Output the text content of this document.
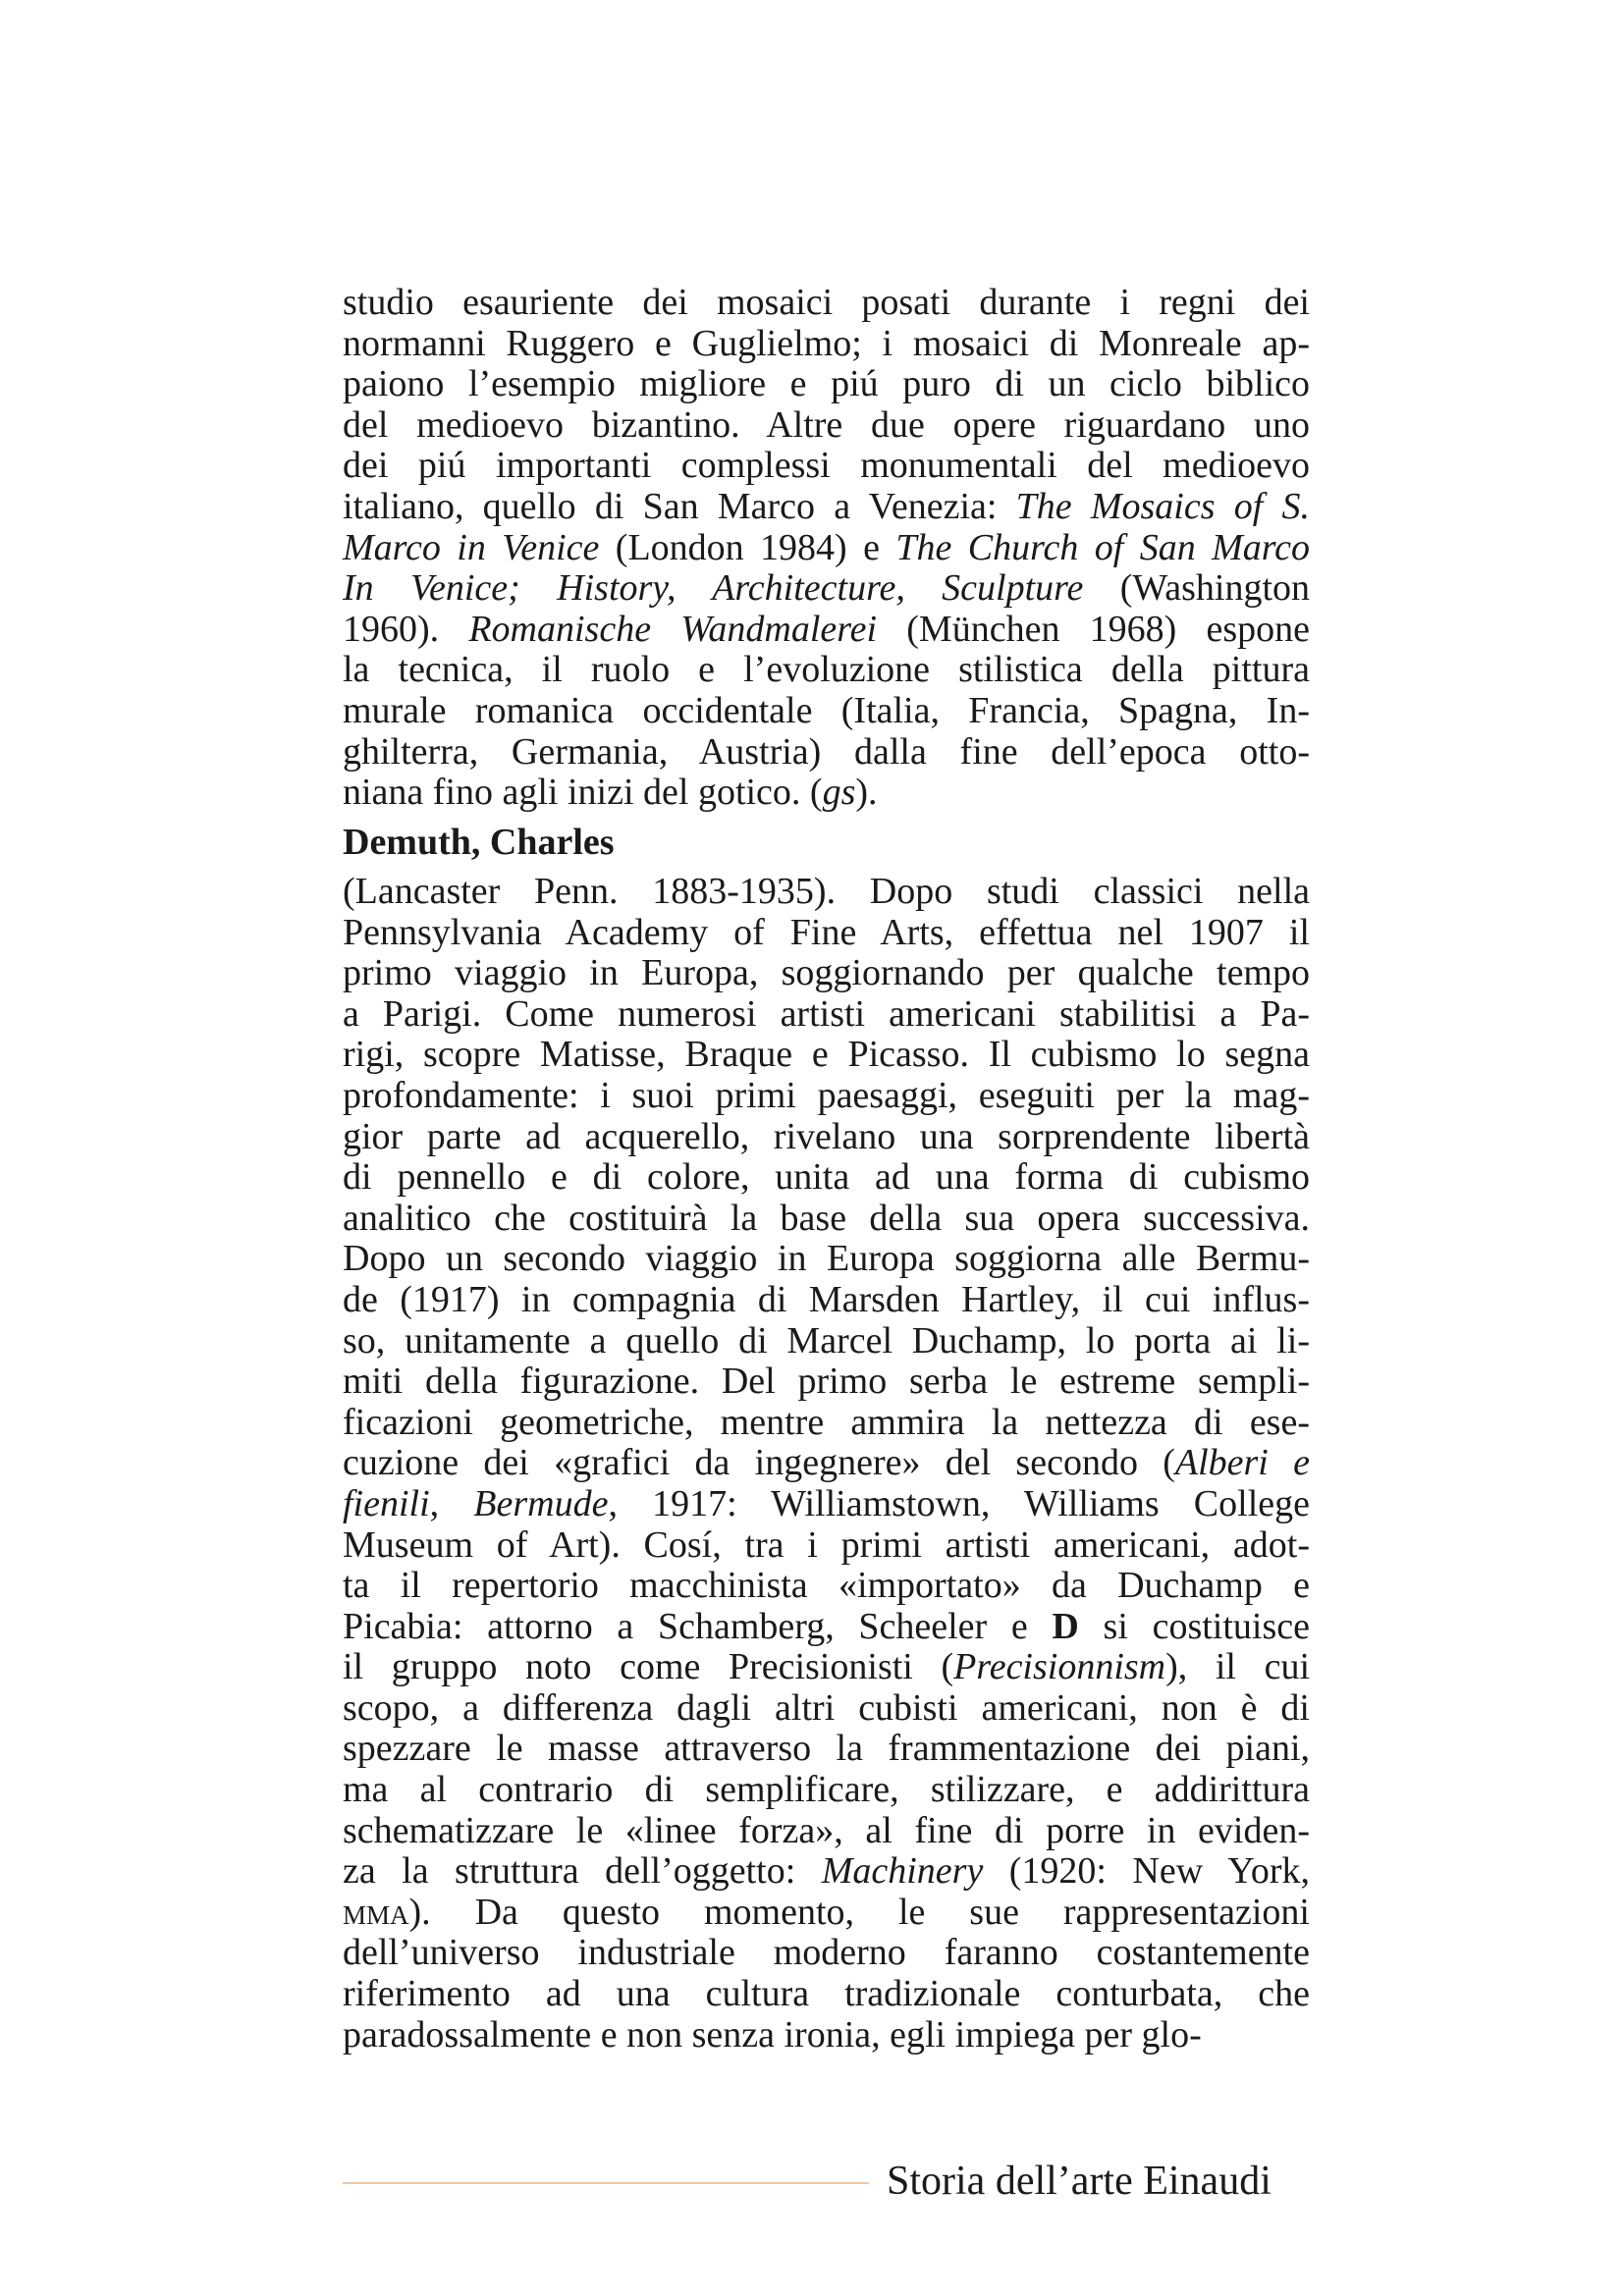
studio esauriente dei mosaici posati durante i regni dei
normanni Ruggero e Guglielmo; i mosaici di Monreale ap-
paiono l’esempio migliore e piú puro di un ciclo biblico
del medioevo bizantino. Altre due opere riguardano uno
dei piú importanti complessi monumentali del medioevo
italiano, quello di San Marco a Venezia: The Mosaics of S.
Marco in Venice (London 1984) e The Church of San Marco
In Venice; History, Architecture, Sculpture (Washington
1960). Romanische Wandmalerei (München 1968) espone
la tecnica, il ruolo e l’evoluzione stilistica della pittura
murale romanica occidentale (Italia, Francia, Spagna, In-
ghilterra, Germania, Austria) dalla fine dell’epoca otto-
niana fino agli inizi del gotico. (gs).
Demuth, Charles
(Lancaster Penn. 1883-1935). Dopo studi classici nella
Pennsylvania Academy of Fine Arts, effettua nel 1907 il
primo viaggio in Europa, soggiornando per qualche tempo
a Parigi. Come numerosi artisti americani stabilitisi a Pa-
rigi, scopre Matisse, Braque e Picasso. Il cubismo lo segna
profondamente: i suoi primi paesaggi, eseguiti per la mag-
gior parte ad acquerello, rivelano una sorprendente libertà
di pennello e di colore, unita ad una forma di cubismo
analitico che costituirà la base della sua opera successiva.
Dopo un secondo viaggio in Europa soggiorna alle Bermu-
de (1917) in compagnia di Marsden Hartley, il cui influs-
so, unitamente a quello di Marcel Duchamp, lo porta ai li-
miti della figurazione. Del primo serba le estreme sempli-
ficazioni geometriche, mentre ammira la nettezza di ese-
cuzione dei «grafici da ingegnere» del secondo (Alberi e
fienili, Bermude, 1917: Williamstown, Williams College
Museum of Art). Cosí, tra i primi artisti americani, adot-
ta il repertorio macchinista «importato» da Duchamp e
Picabia: attorno a Schamberg, Scheeler e D si costituisce
il gruppo noto come Precisionisti (Precisionnism), il cui
scopo, a differenza dagli altri cubisti americani, non è di
spezzare le masse attraverso la frammentazione dei piani,
ma al contrario di semplificare, stilizzare, e addirittura
schematizzare le «linee forza», al fine di porre in eviden-
za la struttura dell’oggetto: Machinery (1920: New York,
mma). Da questo momento, le sue rappresentazioni
dell’universo industriale moderno faranno costantemente
riferimento ad una cultura tradizionale conturbata, che
paradossalmente e non senza ironia, egli impiega per glo-
Storia dell’arte Einaudi
